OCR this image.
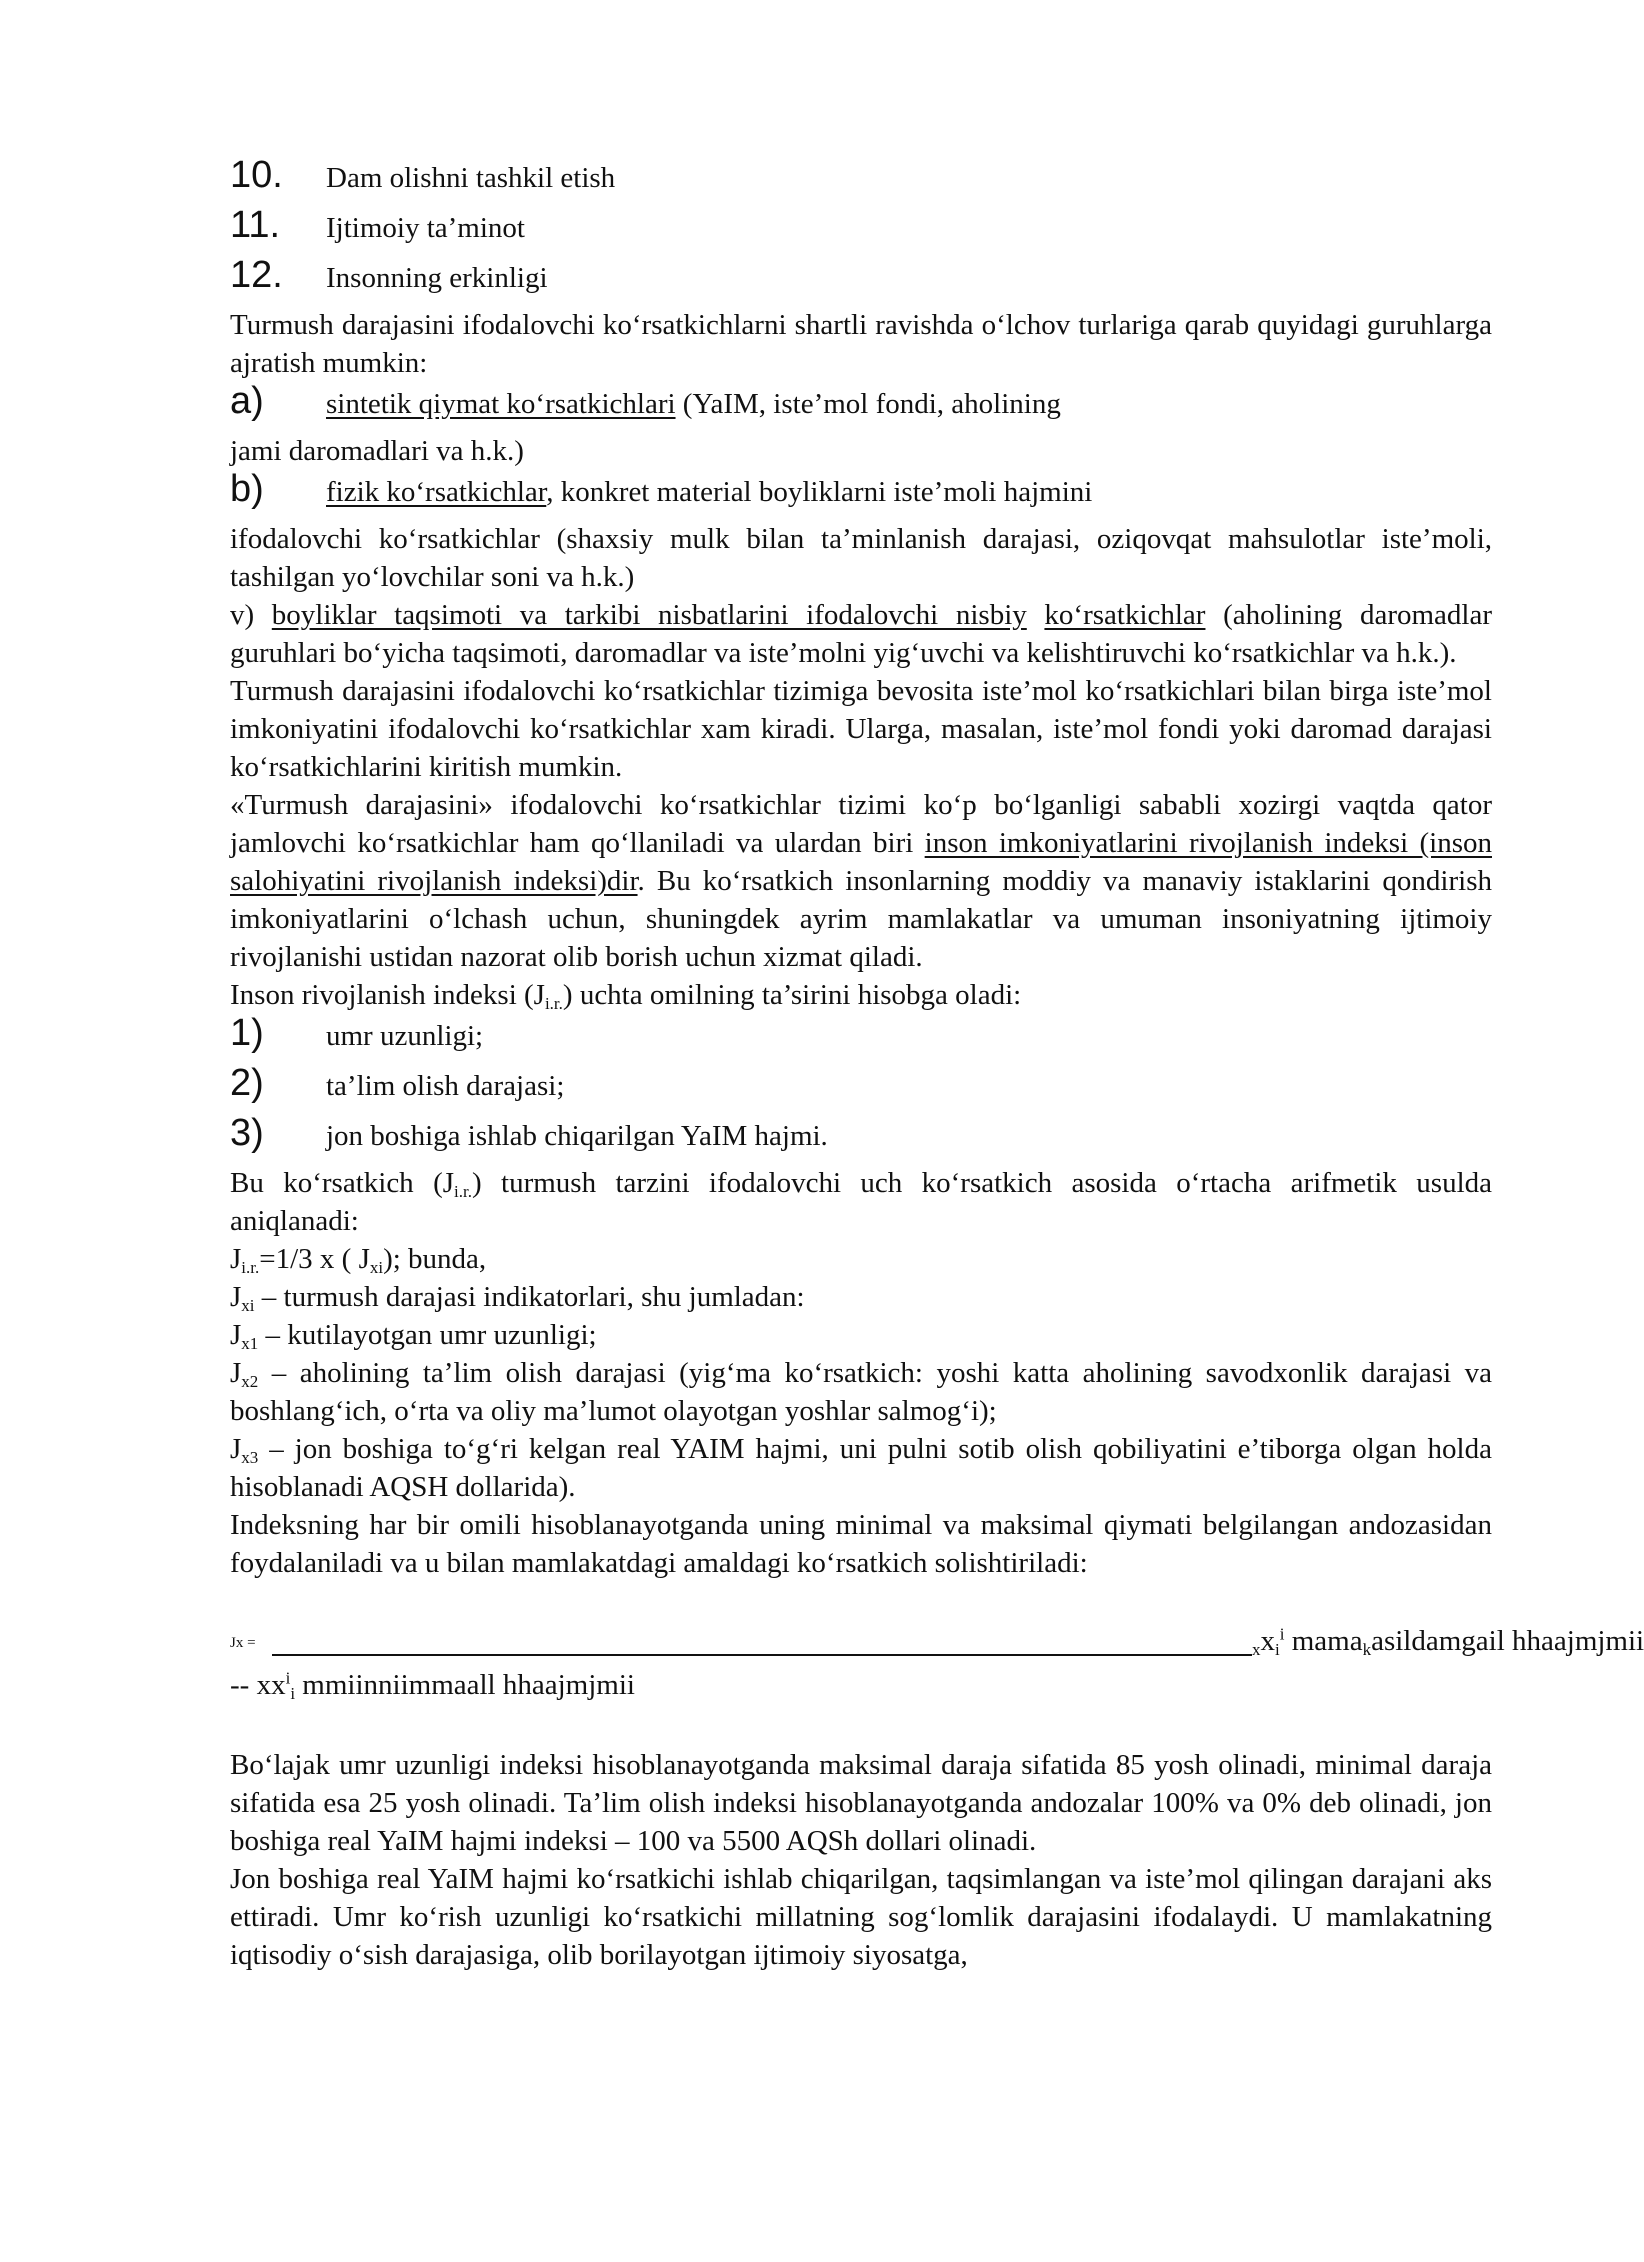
10.	Dam olishni tashkil etish
11.	Ijtimoiy ta’minot
12.	Insonning erkinligi

Turmush darajasini ifodalovchi ko‘rsatkichlarni shartli ravishda o‘lchov turlariga qarab quyidagi guruhlarga ajratish mumkin:

a)	sintetik qiymat ko‘rsatkichlari (YaIM, iste’mol fondi, aholining

jami daromadlari va h.k.)

b)	fizik ko‘rsatkichlar, konkret material boyliklarni iste’moli hajmini

ifodalovchi ko‘rsatkichlar (shaxsiy mulk bilan ta’minlanish darajasi, oziqovqat mahsulotlar iste’moli, tashilgan yo‘lovchilar soni va h.k.)

v) boyliklar taqsimoti va tarkibi nisbatlarini ifodalovchi nisbiy ko‘rsatkichlar (aholining daromadlar guruhlari bo‘yicha taqsimoti, daromadlar va iste’molni yig‘uvchi va kelishtiruvchi ko‘rsatkichlar va h.k.).

Turmush darajasini ifodalovchi ko‘rsatkichlar tizimiga bevosita iste’mol ko‘rsatkichlari bilan birga iste’mol imkoniyatini ifodalovchi ko‘rsatkichlar xam kiradi. Ularga, masalan, iste’mol fondi yoki daromad darajasi ko‘rsatkichlarini kiritish mumkin.

«Turmush darajasini» ifodalovchi ko‘rsatkichlar tizimi ko‘p bo‘lganligi sababli xozirgi vaqtda qator jamlovchi ko‘rsatkichlar ham qo‘llaniladi va ulardan biri inson imkoniyatlarini rivojlanish indeksi (inson salohiyatini rivojlanish indeksi)dir. Bu ko‘rsatkich insonlarning moddiy va manaviy istaklarini qondirish imkoniyatlarini o‘lchash uchun, shuningdek ayrim mamlakatlar va umuman insoniyatning ijtimoiy rivojlanishi ustidan nazorat olib borish uchun xizmat qiladi.

Inson rivojlanish indeksi $(J_{i.r.})$ uchta omilning ta’sirini hisobga oladi:

1)	umr uzunligi;
2)	ta’lim olish darajasi;
3)	jon boshiga ishlab chiqarilgan YaIM hajmi.

Bu ko‘rsatkich $(J_{i.r.})$ turmush tarzini ifodalovchi uch ko‘rsatkich asosida o‘rtacha arifmetik usulda aniqlanadi:

$J_{i.r.}=1/3$ x ( $J_{xi}$); bunda,

$J_{xi}$ – turmush darajasi indikatorlari, shu jumladan:

$J_{x1}$ – kutilayotgan umr uzunligi;

$J_{x2}$ – aholining ta’lim olish darajasi (yig‘ma ko‘rsatkich: yoshi katta aholining savodxonlik darajasi va boshlang‘ich, o‘rta va oliy ma’lumot olayotgan yoshlar salmog‘i);

$J_{x3}$ – jon boshiga to‘g‘ri kelgan real YAIM hajmi, uni pulni sotib olish qobiliyatini e’tiborga olgan holda hisoblanadi AQSH dollarida).

Indeksning har bir omili hisoblanayotganda uning minimal va maksimal qiymati belgilangan andozasidan foydalaniladi va u bilan mamlakatdagi amaldagi ko‘rsatkich solishtiriladi:

Jx =	$_xx_i^i$ mama$_k$asildamgail hhaajmjmii
-- $xx^i_i$ mmiinniimmaall hhaajmjmii

Bo‘lajak umr uzunligi indeksi hisoblanayotganda maksimal daraja sifatida 85 yosh olinadi, minimal daraja sifatida esa 25 yosh olinadi. Ta’lim olish indeksi hisoblanayotganda andozalar 100% va 0% deb olinadi, jon boshiga real YaIM hajmi indeksi – 100 va 5500 AQSh dollari olinadi.

Jon boshiga real YaIM hajmi ko‘rsatkichi ishlab chiqarilgan, taqsimlangan va iste’mol qilingan darajani aks ettiradi. Umr ko‘rish uzunligi ko‘rsatkichi millatning sog‘lomlik darajasini ifodalaydi. U mamlakatning iqtisodiy o‘sish darajasiga, olib borilayotgan ijtimoiy siyosatga,
